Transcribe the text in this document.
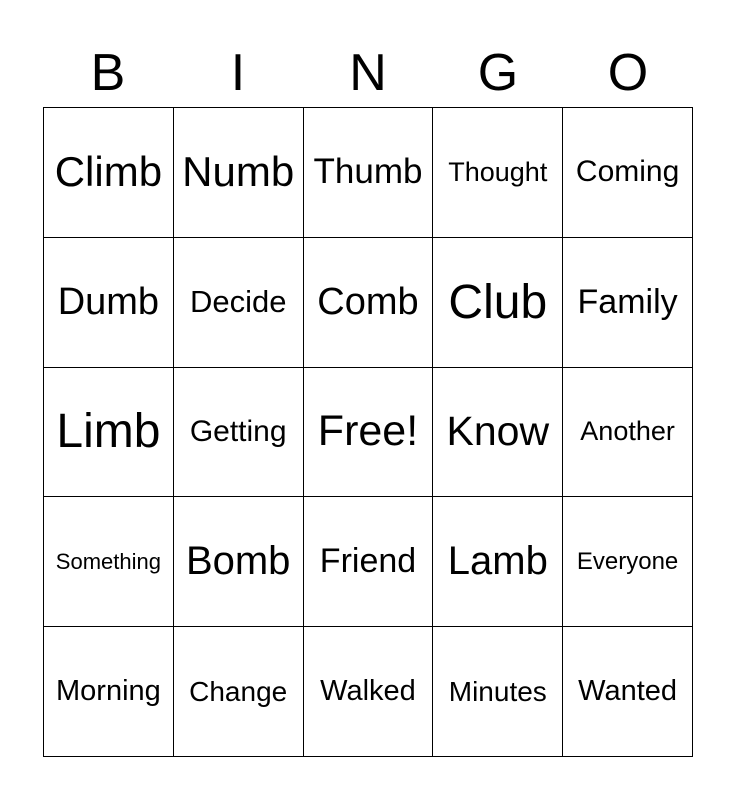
B	I	N	G	O
Climb Numb Thumb Thought Coming
Dumb Decide Comb Club Family
Limb Getting Free! Know	Another
Something Bomb Friend Lamb	Everyone
Morning	Change	Walked	Minutes	Wanted
